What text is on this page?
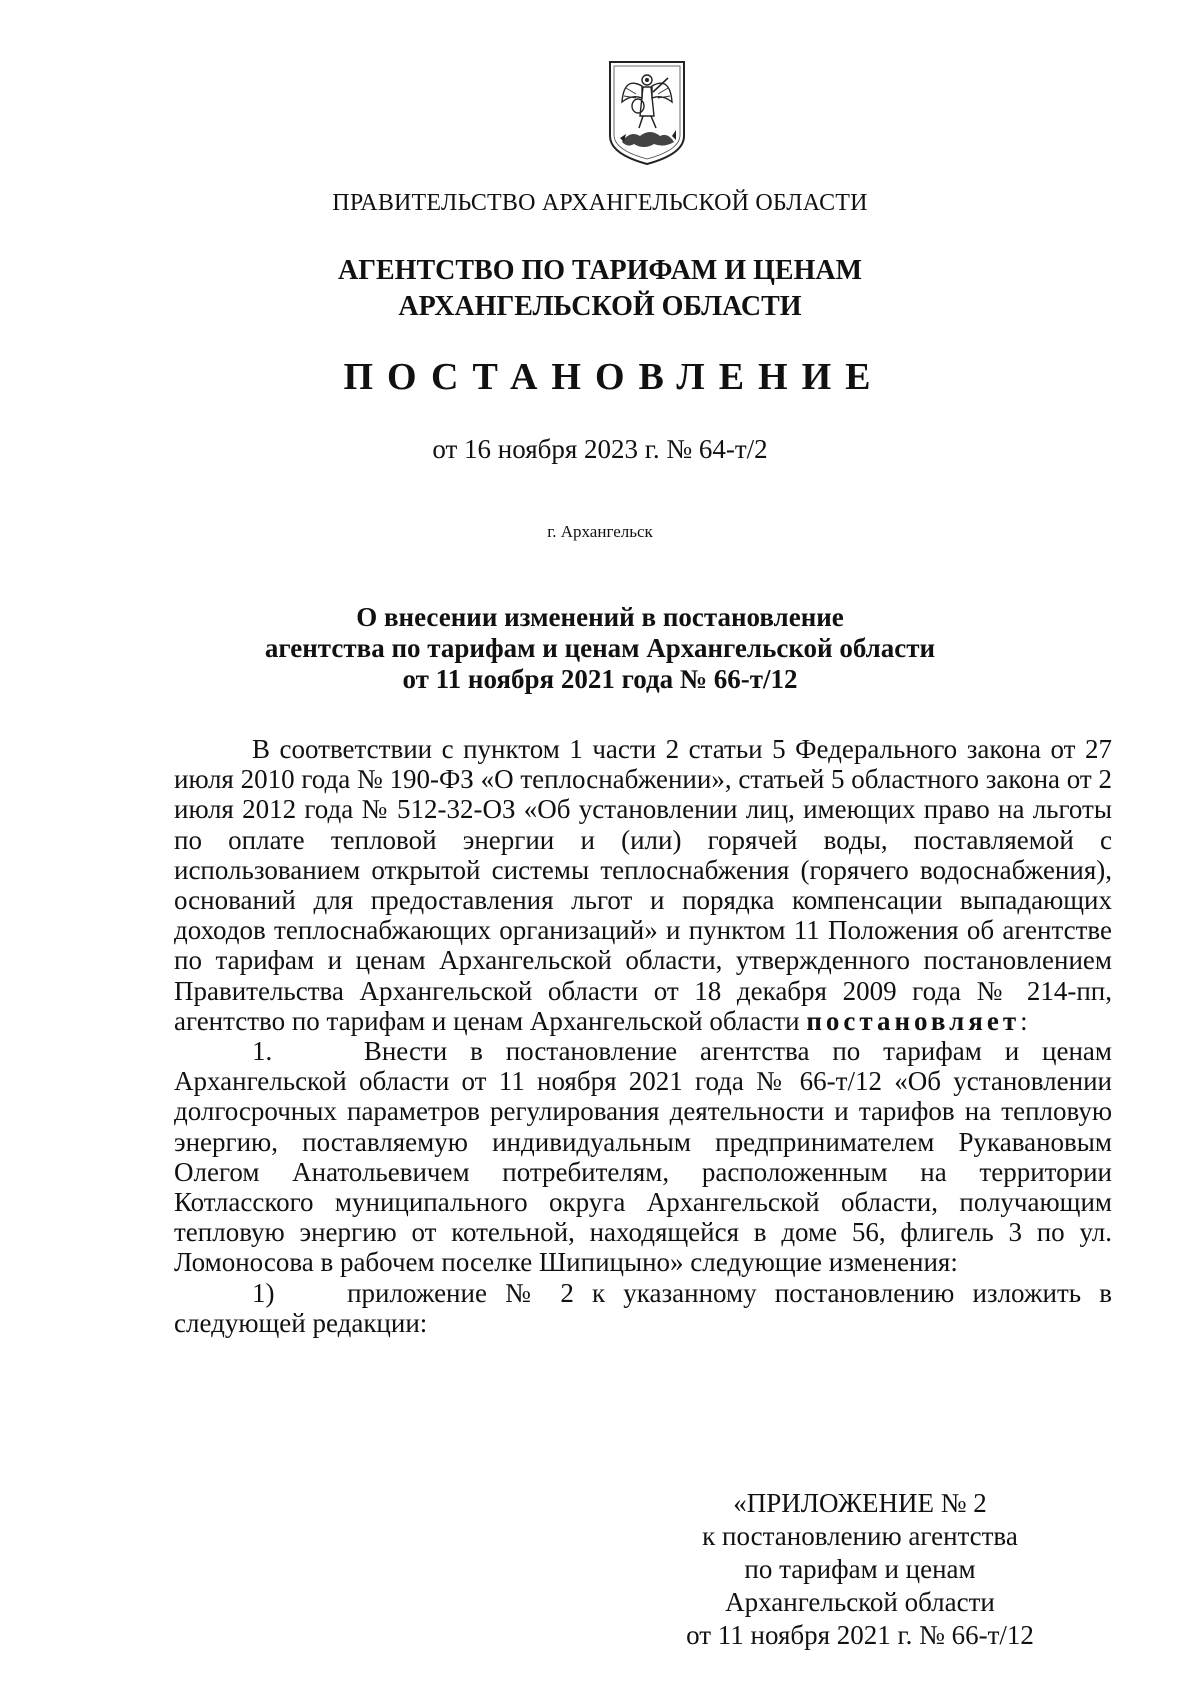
ПРАВИТЕЛЬСТВО АРХАНГЕЛЬСКОЙ ОБЛАСТИ
АГЕНТСТВО ПО ТАРИФАМ И ЦЕНАМ
АРХАНГЕЛЬСКОЙ ОБЛАСТИ
ПОСТАНОВЛЕНИЕ
от 16 ноября 2023 г. № 64-т/2
г. Архангельск
О внесении изменений в постановление
агентства по тарифам и ценам Архангельской области
от 11 ноября 2021 года № 66-т/12

В соответствии с пунктом 1 части 2 статьи 5 Федерального закона от 27 июля 2010 года № 190-ФЗ «О теплоснабжении», статьей 5 областного закона от 2 июля 2012 года № 512-32-ОЗ «Об установлении лиц, имеющих право на льготы по оплате тепловой энергии и (или) горячей воды, поставляемой с использованием открытой системы теплоснабжения (горячего водоснабжения), оснований для предоставления льгот и порядка компенсации выпадающих доходов теплоснабжающих организаций» и пунктом 11 Положения об агентстве по тарифам и ценам Архангельской области, утвержденного постановлением Правительства Архангельской области от 18 декабря 2009 года № 214-пп, агентство по тарифам и ценам Архангельской области постановляет:

1.    Внести в постановление агентства по тарифам и ценам Архангельской области от 11 ноября 2021 года № 66-т/12 «Об установлении долгосрочных параметров регулирования деятельности и тарифов на тепловую энергию, поставляемую индивидуальным предпринимателем Рукавановым Олегом Анатольевичем потребителям, расположенным на территории Котласского муниципального округа Архангельской области, получающим тепловую энергию от котельной, находящейся в доме 56, флигель 3 по ул. Ломоносова в рабочем поселке Шипицыно» следующие изменения:

1)    приложение № 2 к указанному постановлению изложить в следующей редакции:

«ПРИЛОЖЕНИЕ № 2
к постановлению агентства
по тарифам и ценам
Архангельской области
от 11 ноября 2021 г. № 66-т/12
